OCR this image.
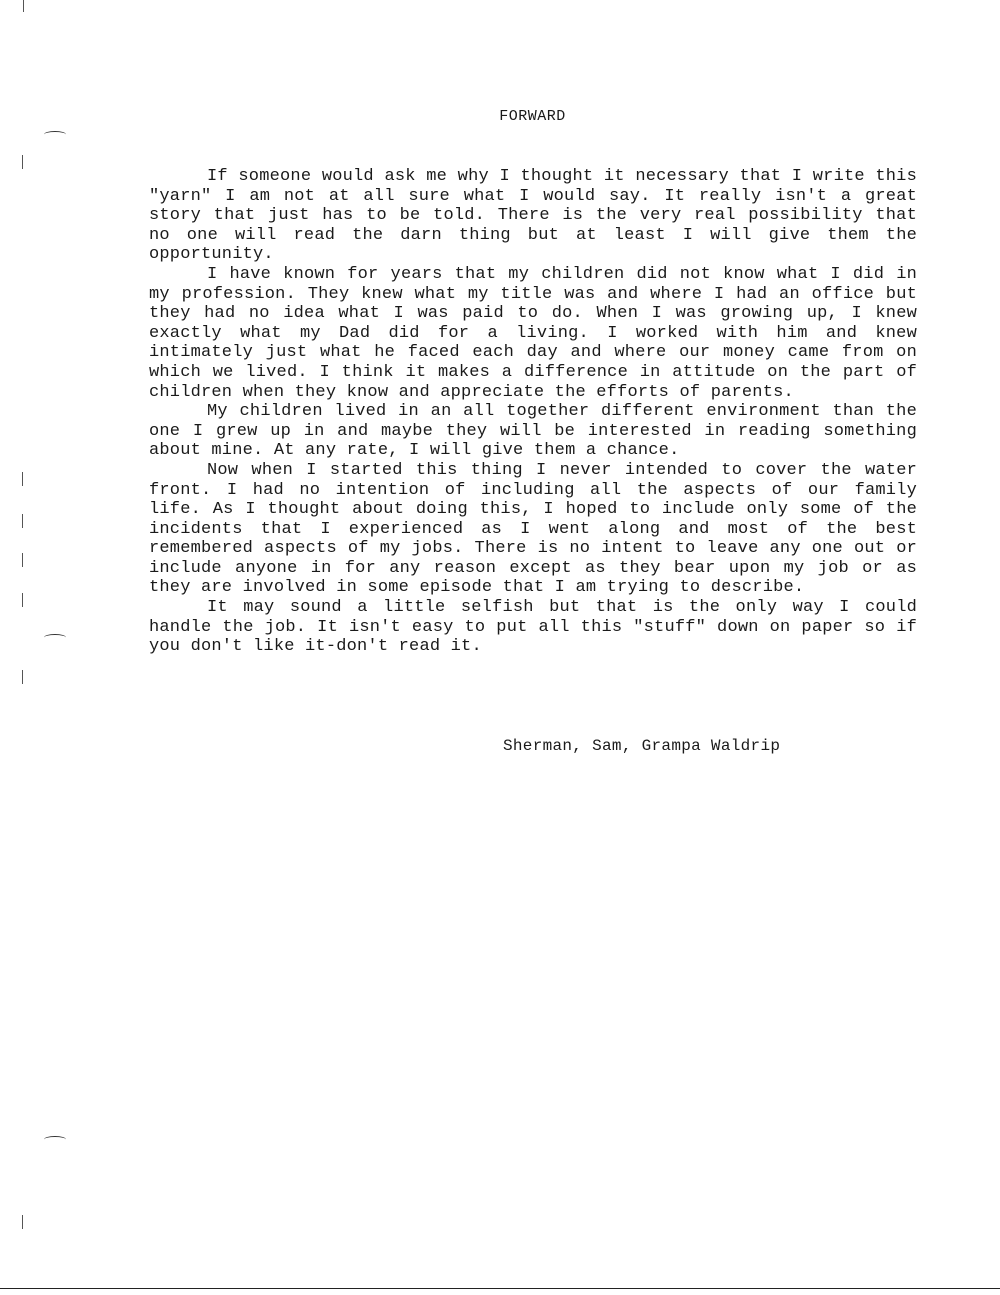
FORWARD

If someone would ask me why I thought it necessary that I write this "yarn" I am not at all sure what I would say. It really isn't a great story that just has to be told. There is the very real possibility that no one will read the darn thing but at least I will give them the opportunity.

I have known for years that my children did not know what I did in my profession. They knew what my title was and where I had an office but they had no idea what I was paid to do. When I was growing up, I knew exactly what my Dad did for a living. I worked with him and knew intimately just what he faced each day and where our money came from on which we lived. I think it makes a difference in attitude on the part of children when they know and appreciate the efforts of parents.

My children lived in an all together different environment than the one I grew up in and maybe they will be interested in reading something about mine. At any rate, I will give them a chance.

Now when I started this thing I never intended to cover the water front. I had no intention of including all the aspects of our family life. As I thought about doing this, I hoped to include only some of the incidents that I experienced as I went along and most of the best remembered aspects of my jobs. There is no intent to leave any one out or include anyone in for any reason except as they bear upon my job or as they are involved in some episode that I am trying to describe.

It may sound a little selfish but that is the only way I could handle the job. It isn't easy to put all this "stuff" down on paper so if you don't like it-don't read it.

Sherman, Sam, Grampa Waldrip
